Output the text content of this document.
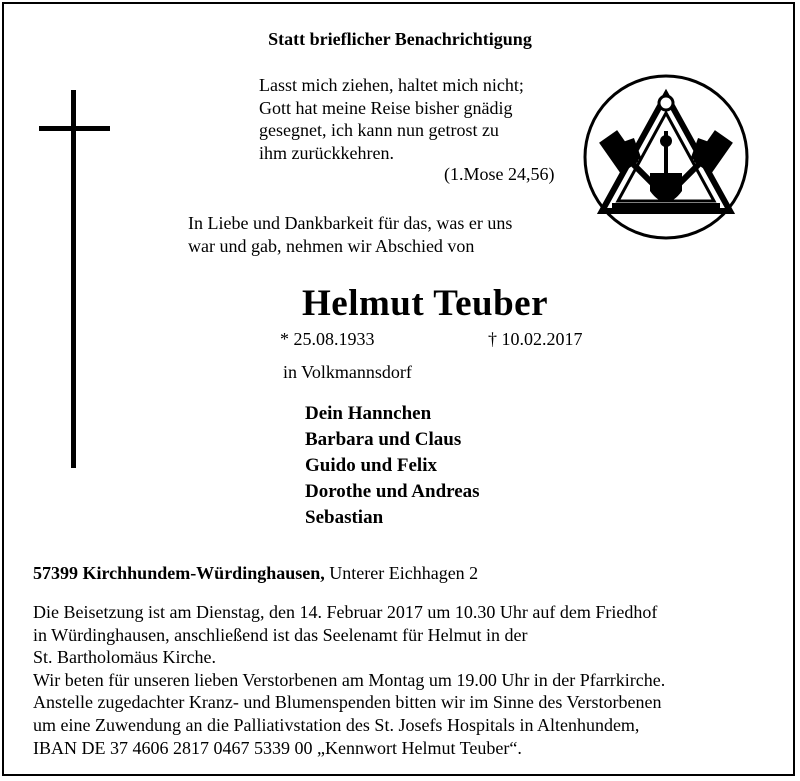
Statt brieflicher Benachrichtigung
Lasst mich ziehen, haltet mich nicht;
Gott hat meine Reise bisher gnädig
gesegnet, ich kann nun getrost zu
ihm zurückkehren.
(1.Mose 24,56)
In Liebe und Dankbarkeit für das, was er uns
war und gab, nehmen wir Abschied von
Helmut Teuber
* 25.08.1933	† 10.02.2017
in Volkmannsdorf
Dein Hannchen
Barbara und Claus
Guido und Felix
Dorothe und Andreas
Sebastian
57399 Kirchhundem-Würdinghausen, Unterer Eichhagen 2
Die Beisetzung ist am Dienstag, den 14. Februar 2017 um 10.30 Uhr auf dem Friedhof
in Würdinghausen, anschließend ist das Seelenamt für Helmut in der
St. Bartholomäus Kirche.
Wir beten für unseren lieben Verstorbenen am Montag um 19.00 Uhr in der Pfarrkirche.
Anstelle zugedachter Kranz- und Blumenspenden bitten wir im Sinne des Verstorbenen
um eine Zuwendung an die Palliativstation des St. Josefs Hospitals in Altenhundem,
IBAN DE 37 4606 2817 0467 5339 00 „Kennwort Helmut Teuber“.
